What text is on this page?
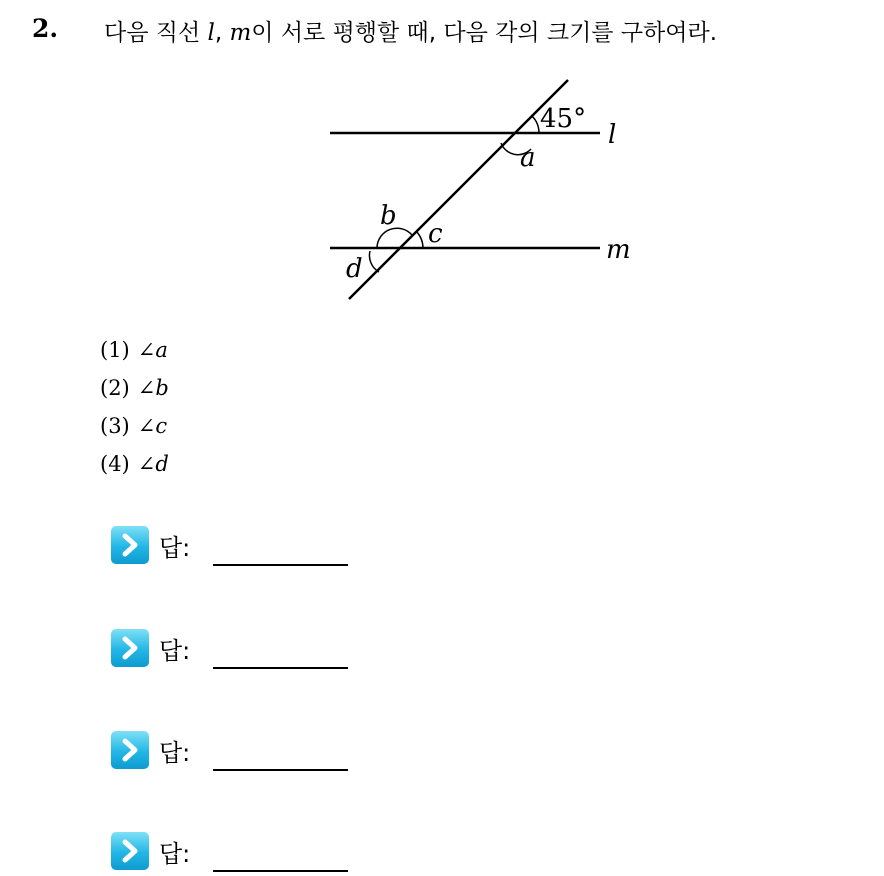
2. 다음 직선 l, m이 서로 평행할 때, 다음 각의 크기를 구하여라.
45°
l
m
a
b
c
d
(1) ∠a
(2) ∠b
(3) ∠c
(4) ∠d
답:
답:
답:
답:
